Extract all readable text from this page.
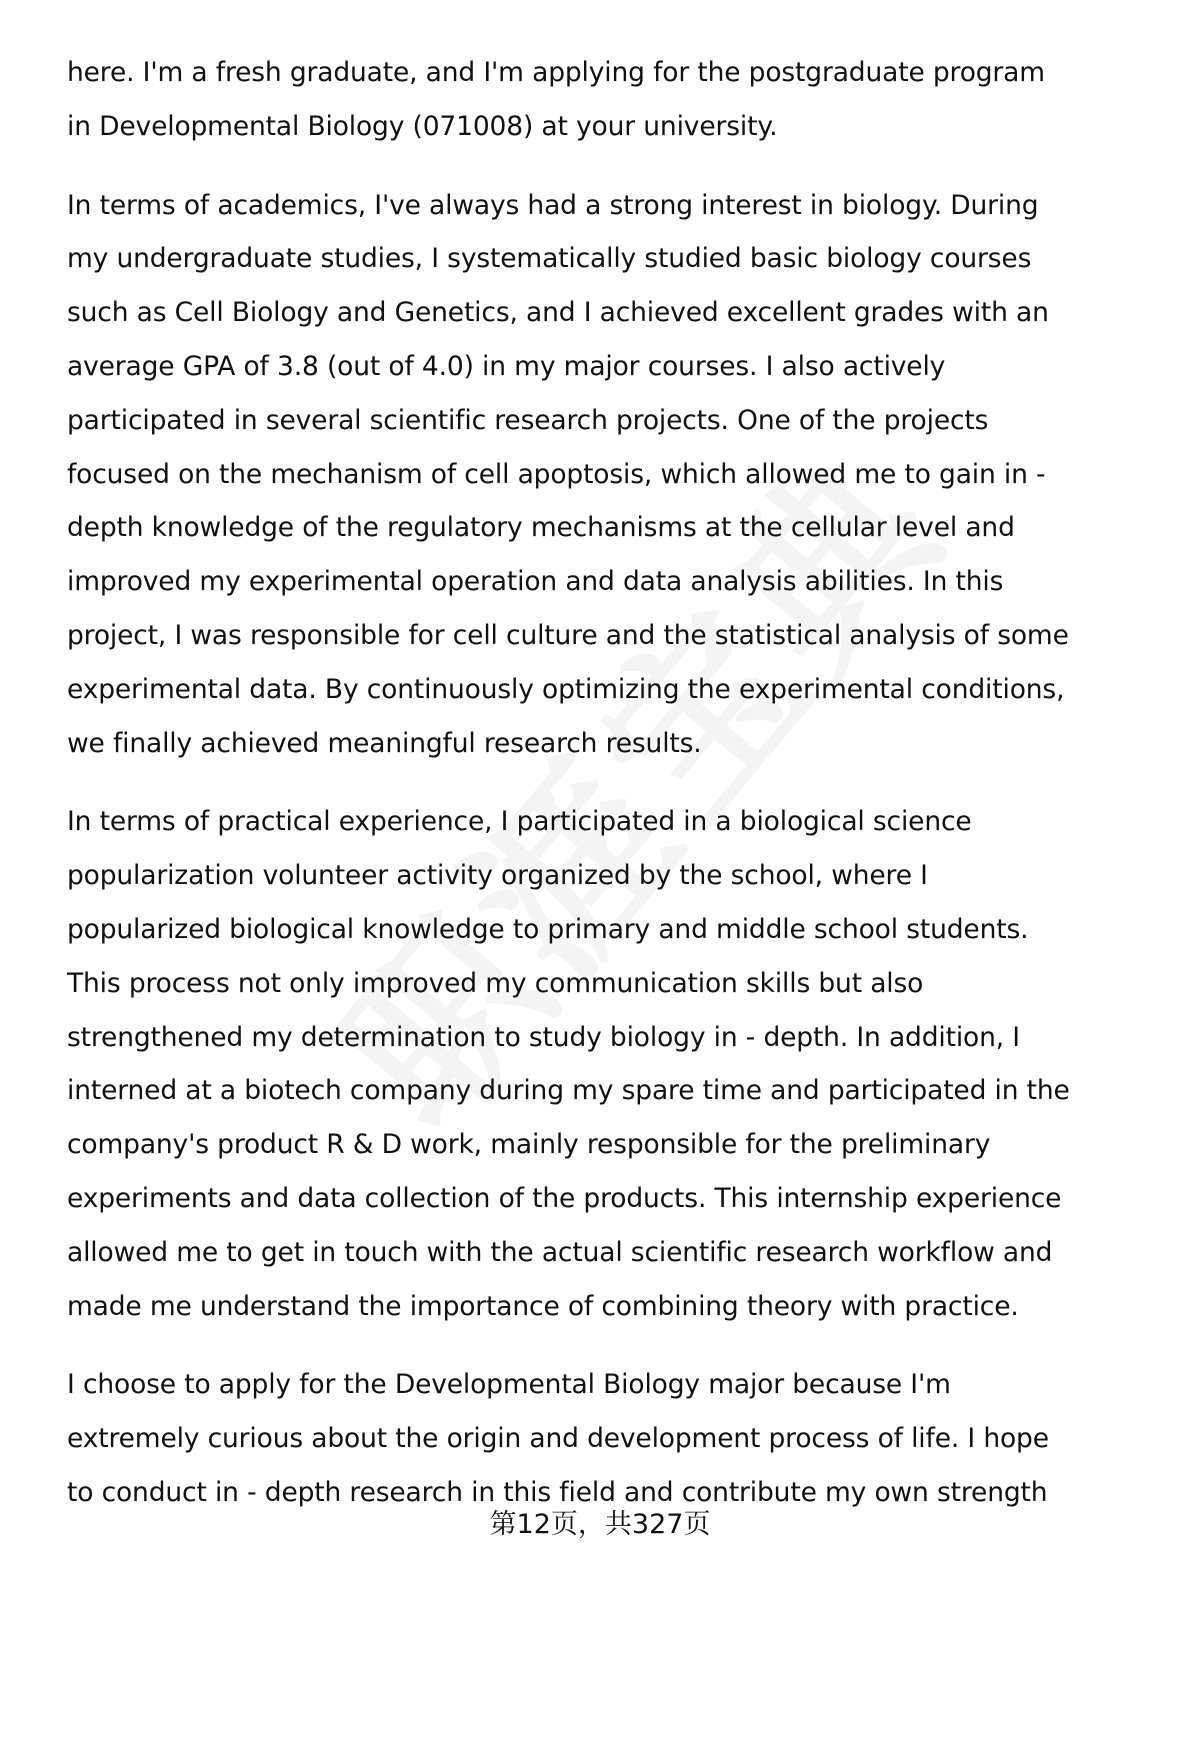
here. I'm a fresh graduate, and I'm applying for the postgraduate program
in Developmental Biology (071008) at your university.

In terms of academics, I've always had a strong interest in biology. During
my undergraduate studies, I systematically studied basic biology courses
such as Cell Biology and Genetics, and I achieved excellent grades with an
average GPA of 3.8 (out of 4.0) in my major courses. I also actively
participated in several scientific research projects. One of the projects
focused on the mechanism of cell apoptosis, which allowed me to gain in -
depth knowledge of the regulatory mechanisms at the cellular level and
improved my experimental operation and data analysis abilities. In this
project, I was responsible for cell culture and the statistical analysis of some
experimental data. By continuously optimizing the experimental conditions,
we finally achieved meaningful research results.

In terms of practical experience, I participated in a biological science
popularization volunteer activity organized by the school, where I
popularized biological knowledge to primary and middle school students.
This process not only improved my communication skills but also
strengthened my determination to study biology in - depth. In addition, I
interned at a biotech company during my spare time and participated in the
company's product R & D work, mainly responsible for the preliminary
experiments and data collection of the products. This internship experience
allowed me to get in touch with the actual scientific research workflow and
made me understand the importance of combining theory with practice.

I choose to apply for the Developmental Biology major because I'm
extremely curious about the origin and development process of life. I hope
to conduct in - depth research in this field and contribute my own strength

第12页，共327页
